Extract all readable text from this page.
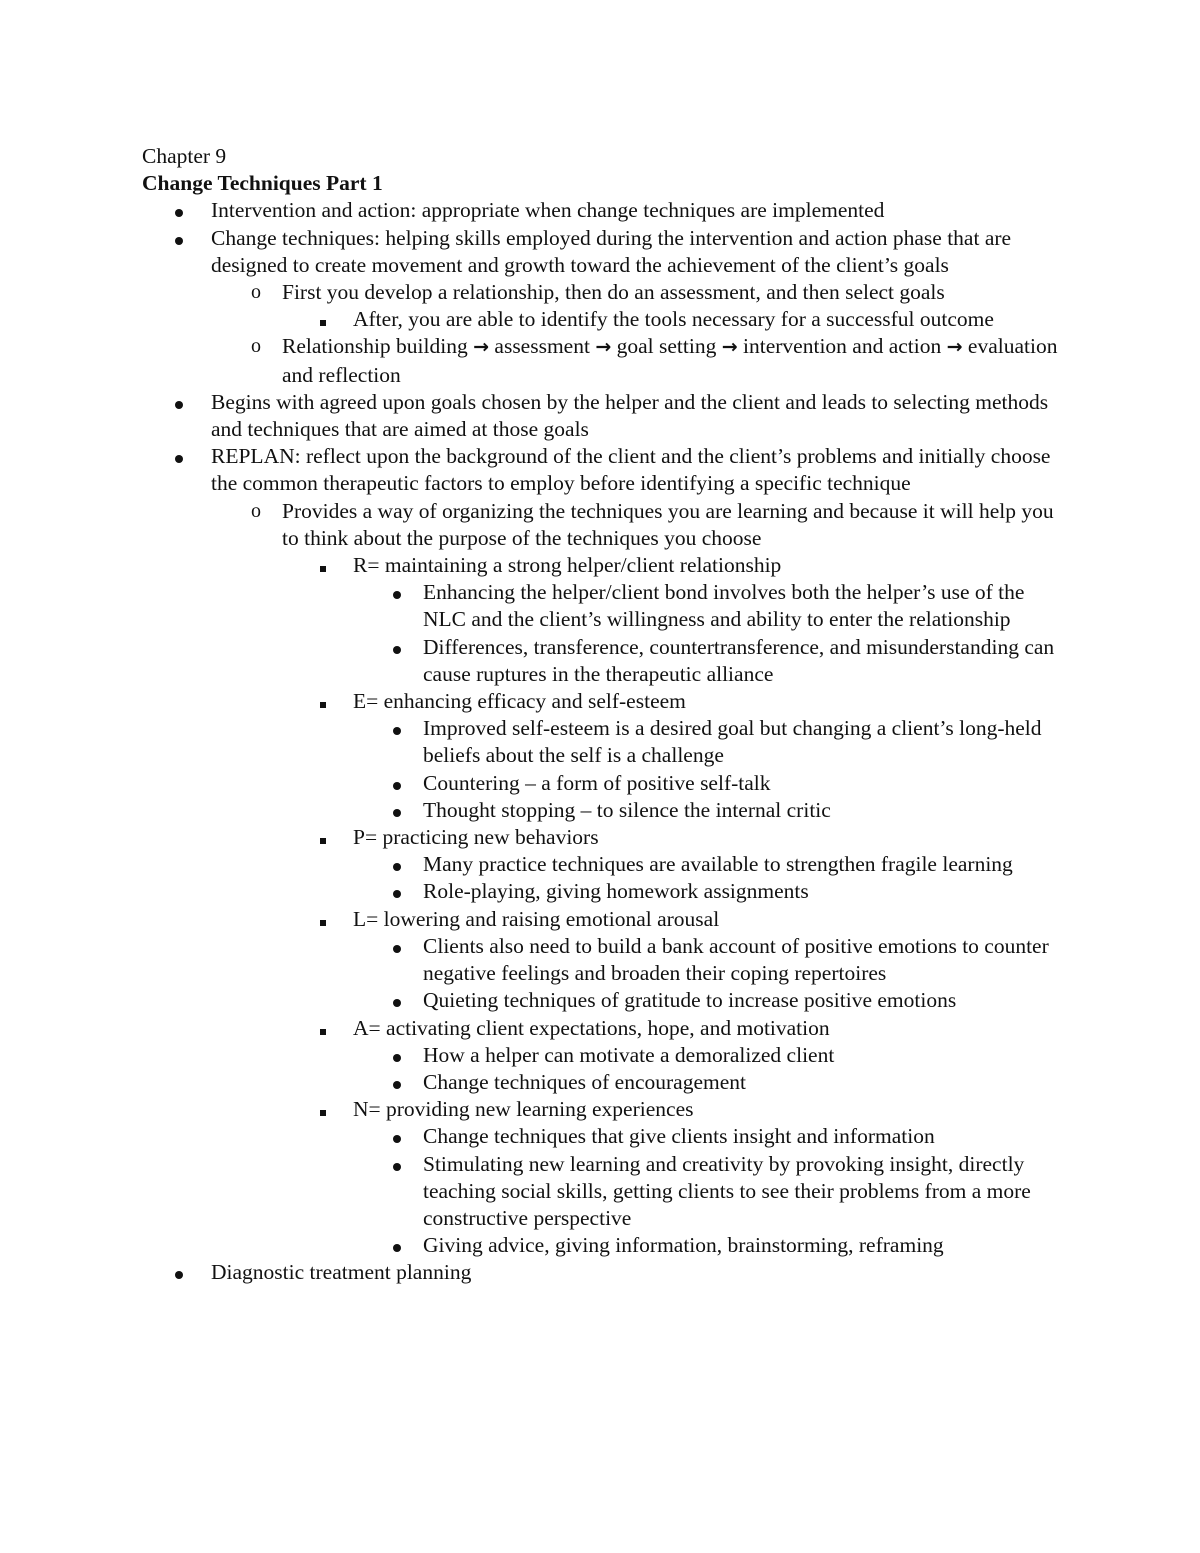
Chapter 9
Change Techniques Part 1
Intervention and action: appropriate when change techniques are implemented
Change techniques: helping skills employed during the intervention and action phase that are designed to create movement and growth toward the achievement of the client’s goals
o First you develop a relationship, then do an assessment, and then select goals
After, you are able to identify the tools necessary for a successful outcome
o Relationship building → assessment → goal setting → intervention and action → evaluation and reflection
Begins with agreed upon goals chosen by the helper and the client and leads to selecting methods and techniques that are aimed at those goals
REPLAN: reflect upon the background of the client and the client’s problems and initially choose the common therapeutic factors to employ before identifying a specific technique
o Provides a way of organizing the techniques you are learning and because it will help you to think about the purpose of the techniques you choose
R= maintaining a strong helper/client relationship
Enhancing the helper/client bond involves both the helper’s use of the NLC and the client’s willingness and ability to enter the relationship
Differences, transference, countertransference, and misunderstanding can cause ruptures in the therapeutic alliance
E= enhancing efficacy and self-esteem
Improved self-esteem is a desired goal but changing a client’s long-held beliefs about the self is a challenge
Countering – a form of positive self-talk
Thought stopping – to silence the internal critic
P= practicing new behaviors
Many practice techniques are available to strengthen fragile learning
Role-playing, giving homework assignments
L= lowering and raising emotional arousal
Clients also need to build a bank account of positive emotions to counter negative feelings and broaden their coping repertoires
Quieting techniques of gratitude to increase positive emotions
A= activating client expectations, hope, and motivation
How a helper can motivate a demoralized client
Change techniques of encouragement
N= providing new learning experiences
Change techniques that give clients insight and information
Stimulating new learning and creativity by provoking insight, directly teaching social skills, getting clients to see their problems from a more constructive perspective
Giving advice, giving information, brainstorming, reframing
Diagnostic treatment planning
